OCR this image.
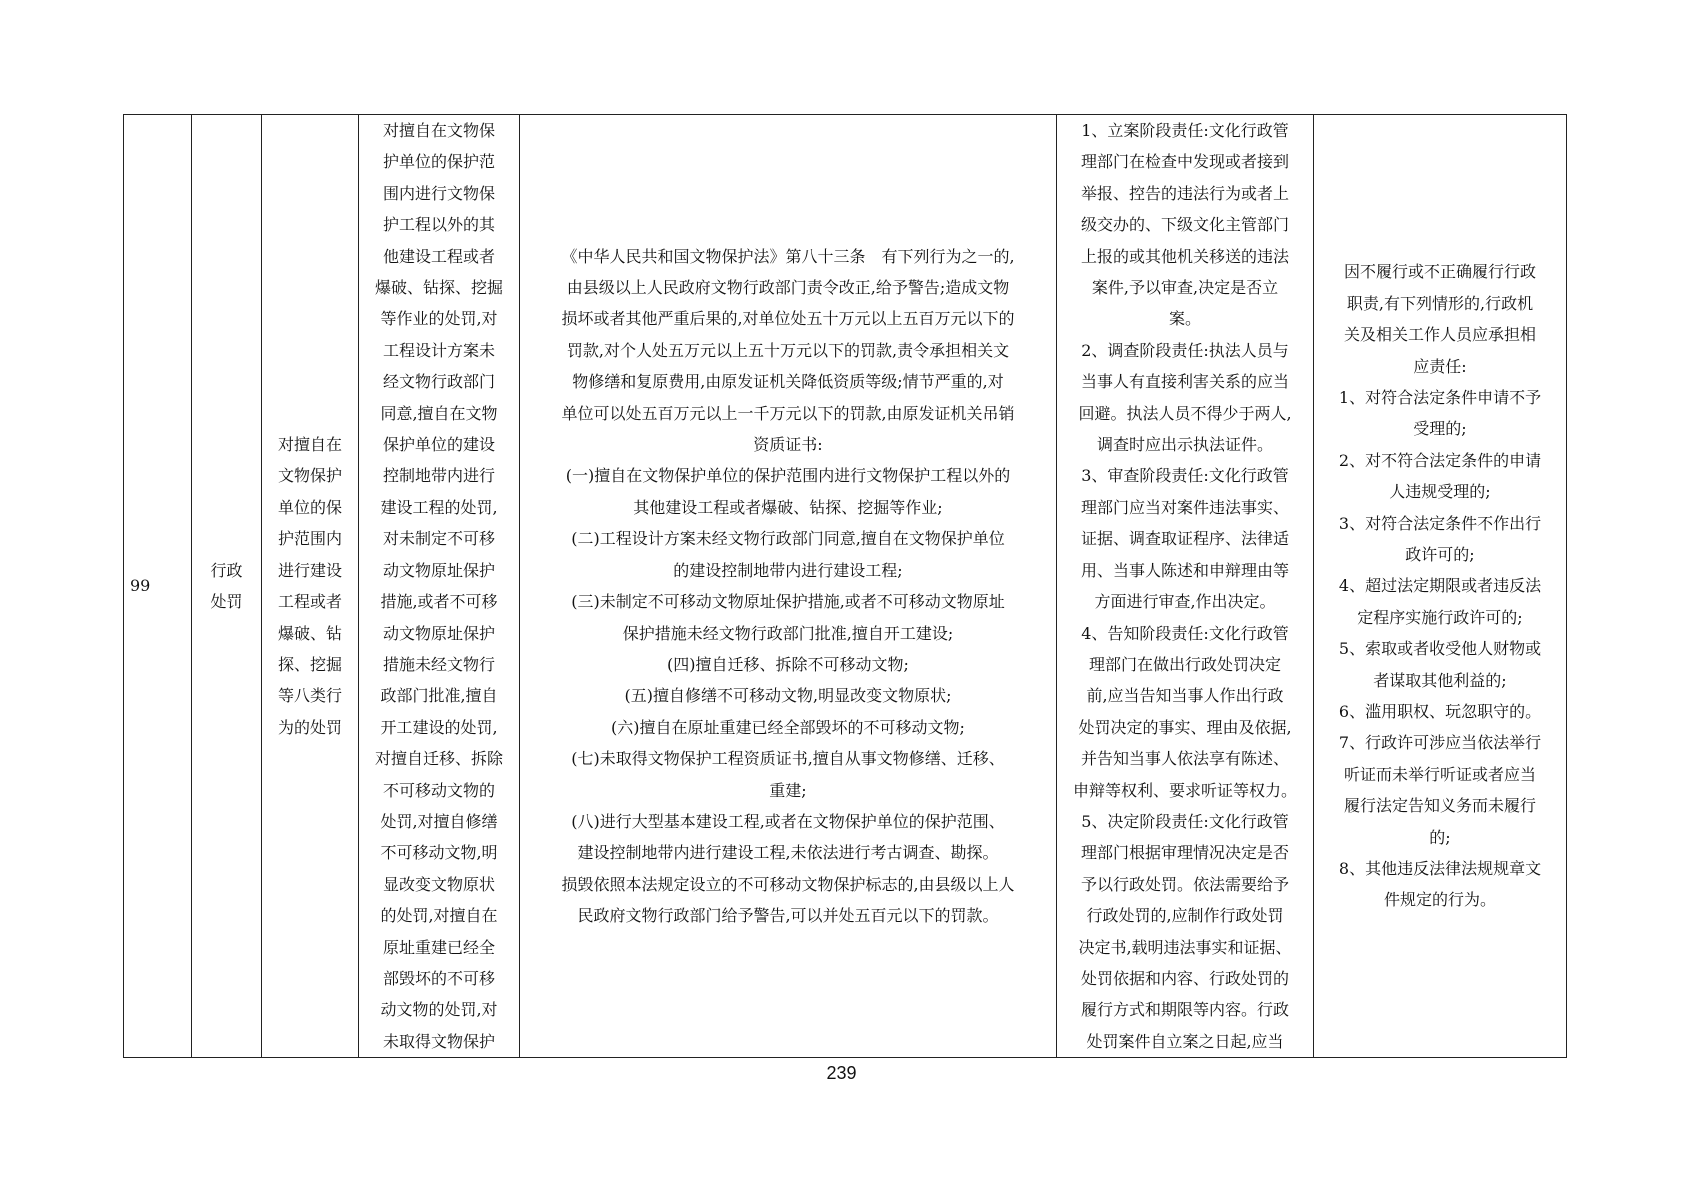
99	
行政
处罚

对擅自在
文物保护
单位的保
护范围内
进行建设
工程或者
爆破、钻
探、挖掘
等八类行
为的处罚

对擅自在文物保
护单位的保护范
围内进行文物保
护工程以外的其
他建设工程或者
爆破、钻探、挖掘
等作业的处罚,对
工程设计方案未
经文物行政部门
同意,擅自在文物
保护单位的建设
控制地带内进行
建设工程的处罚,
对未制定不可移
动文物原址保护
措施,或者不可移
动文物原址保护
措施未经文物行
政部门批准,擅自
开工建设的处罚,
对擅自迁移、拆除
不可移动文物的
处罚,对擅自修缮
不可移动文物,明
显改变文物原状
的处罚,对擅自在
原址重建已经全
部毁坏的不可移
动文物的处罚,对
未取得文物保护

《中华人民共和国文物保护法》第八十三条　有下列行为之一的,
由县级以上人民政府文物行政部门责令改正,给予警告;造成文物
损坏或者其他严重后果的,对单位处五十万元以上五百万元以下的
罚款,对个人处五万元以上五十万元以下的罚款,责令承担相关文
物修缮和复原费用,由原发证机关降低资质等级;情节严重的,对
单位可以处五百万元以上一千万元以下的罚款,由原发证机关吊销
资质证书:
(一)擅自在文物保护单位的保护范围内进行文物保护工程以外的
其他建设工程或者爆破、钻探、挖掘等作业;
(二)工程设计方案未经文物行政部门同意,擅自在文物保护单位
的建设控制地带内进行建设工程;
(三)未制定不可移动文物原址保护措施,或者不可移动文物原址
保护措施未经文物行政部门批准,擅自开工建设;
(四)擅自迁移、拆除不可移动文物;
(五)擅自修缮不可移动文物,明显改变文物原状;
(六)擅自在原址重建已经全部毁坏的不可移动文物;
(七)未取得文物保护工程资质证书,擅自从事文物修缮、迁移、
重建;
(八)进行大型基本建设工程,或者在文物保护单位的保护范围、
建设控制地带内进行建设工程,未依法进行考古调查、勘探。
损毁依照本法规定设立的不可移动文物保护标志的,由县级以上人
民政府文物行政部门给予警告,可以并处五百元以下的罚款。

1、立案阶段责任:文化行政管
理部门在检查中发现或者接到
举报、控告的违法行为或者上
级交办的、下级文化主管部门
上报的或其他机关移送的违法
案件,予以审查,决定是否立
案。
2、调查阶段责任:执法人员与
当事人有直接利害关系的应当
回避。执法人员不得少于两人,
调查时应出示执法证件。
3、审查阶段责任:文化行政管
理部门应当对案件违法事实、
证据、调查取证程序、法律适
用、当事人陈述和申辩理由等
方面进行审查,作出决定。
4、告知阶段责任:文化行政管
理部门在做出行政处罚决定
前,应当告知当事人作出行政
处罚决定的事实、理由及依据,
并告知当事人依法享有陈述、
申辩等权利、要求听证等权力。
5、决定阶段责任:文化行政管
理部门根据审理情况决定是否
予以行政处罚。依法需要给予
行政处罚的,应制作行政处罚
决定书,载明违法事实和证据、
处罚依据和内容、行政处罚的
履行方式和期限等内容。行政
处罚案件自立案之日起,应当

因不履行或不正确履行行政
职责,有下列情形的,行政机
关及相关工作人员应承担相
应责任:
1、对符合法定条件申请不予
受理的;
2、对不符合法定条件的申请
人违规受理的;
3、对符合法定条件不作出行
政许可的;
4、超过法定期限或者违反法
定程序实施行政许可的;
5、索取或者收受他人财物或
者谋取其他利益的;
6、滥用职权、玩忽职守的。
7、行政许可涉应当依法举行
听证而未举行听证或者应当
履行法定告知义务而未履行
的;
8、其他违反法律法规规章文
件规定的行为。
239
